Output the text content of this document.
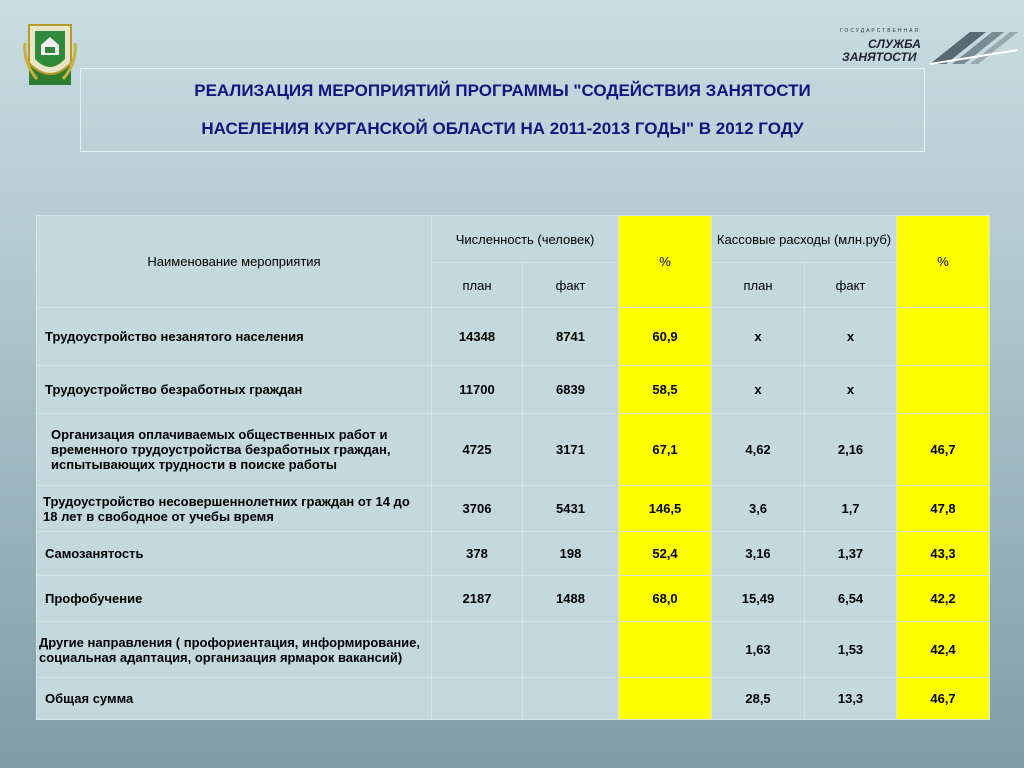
ГОСУДАРСТВЕННАЯ
СЛУЖБА
ЗАНЯТОСТИ
РЕАЛИЗАЦИЯ МЕРОПРИЯТИЙ ПРОГРАММЫ "СОДЕЙСТВИЯ ЗАНЯТОСТИ
НАСЕЛЕНИЯ КУРГАНСКОЙ ОБЛАСТИ НА 2011-2013 ГОДЫ" В 2012 ГОДУ
Наименование мероприятия	Численность (человек)		%	Кассовые расходы (млн.руб)		%
	план	факт		план	факт	
Трудоустройство незанятого населения	14348	8741	60,9	х	х	
Трудоустройство безработных граждан	11700	6839	58,5	х	х	
Организация оплачиваемых общественных работ и временного трудоустройства безработных граждан, испытывающих трудности в поиске работы	4725	3171	67,1	4,62	2,16	46,7
Трудоустройство несовершеннолетних граждан от 14 до 18 лет в свободное от учебы время	3706	5431	146,5	3,6	1,7	47,8
Самозанятость	378	198	52,4	3,16	1,37	43,3
Профобучение	2187	1488	68,0	15,49	6,54	42,2
Другие направления ( профориентация, информирование, социальная адаптация, организация ярмарок вакансий)				1,63	1,53	42,4
Общая сумма				28,5	13,3	46,7
